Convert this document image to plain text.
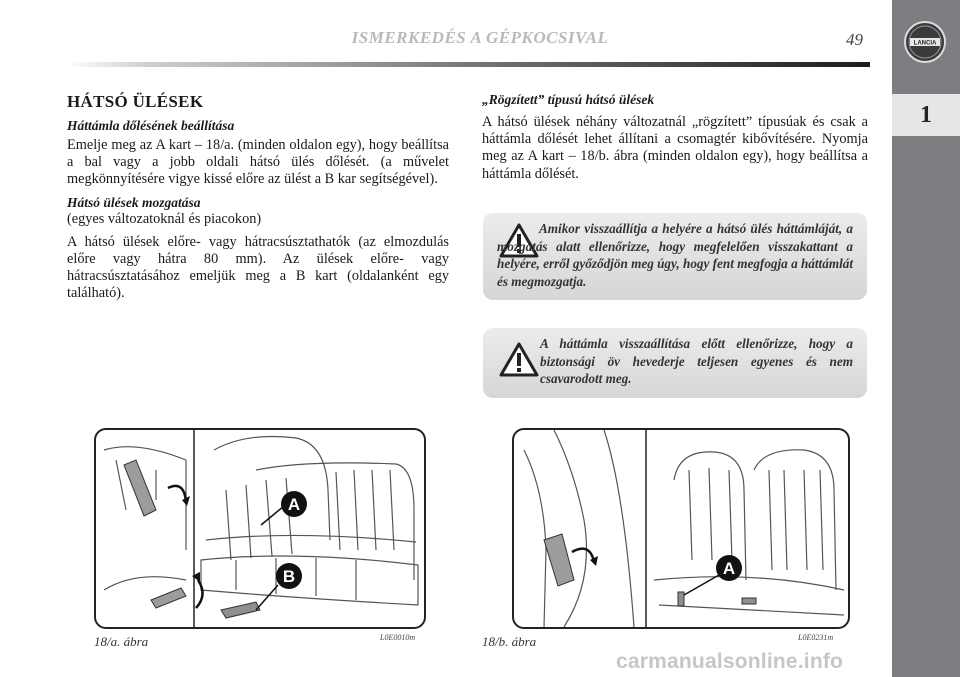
ISMERKEDÉS A GÉPKOCSIVAL	49	LANCIA
1
HÁTSÓ ÜLÉSEK
Háttámla dőlésének beállítása

Emelje meg az A kart – 18/a. (minden oldalon egy), hogy beállítsa a bal vagy a jobb oldali hátsó ülés dőlését. (a művelet megkönnyítésére vigye kissé előre az ülést a B kar segítségével).

Hátsó ülések mozgatása

(egyes változatoknál és piacokon)

A hátsó ülések előre- vagy hátracsúsztathatók (az elmozdulás előre vagy hátra 80 mm). Az ülések előre- vagy hátracsúsztatásához emeljük meg a B kart (oldalanként egy található).

„Rögzített” típusú hátsó ülések

A hátsó ülések néhány változatnál „rögzített” típusúak és csak a háttámla dőlését lehet állítani a csomagtér kibővítésére. Nyomja meg az A kart – 18/b. ábra (minden oldalon egy), hogy beállítsa a háttámla dőlését.

Amikor visszaállítja a helyére a hátsó ülés háttámláját, a mozgatás alatt ellenőrizze, hogy megfelelően visszakattant a helyére, erről győződjön meg úgy, hogy fent megfogja a háttámlát és megmozgatja.
A háttámla visszaállítása előtt ellenőrizze, hogy a biztonsági öv hevederje teljesen egyenes és nem csavarodott meg.
A
B
18/a. ábra	L0E0010m
A
18/b. ábra	L0E0231m
carmanualsonline.info
